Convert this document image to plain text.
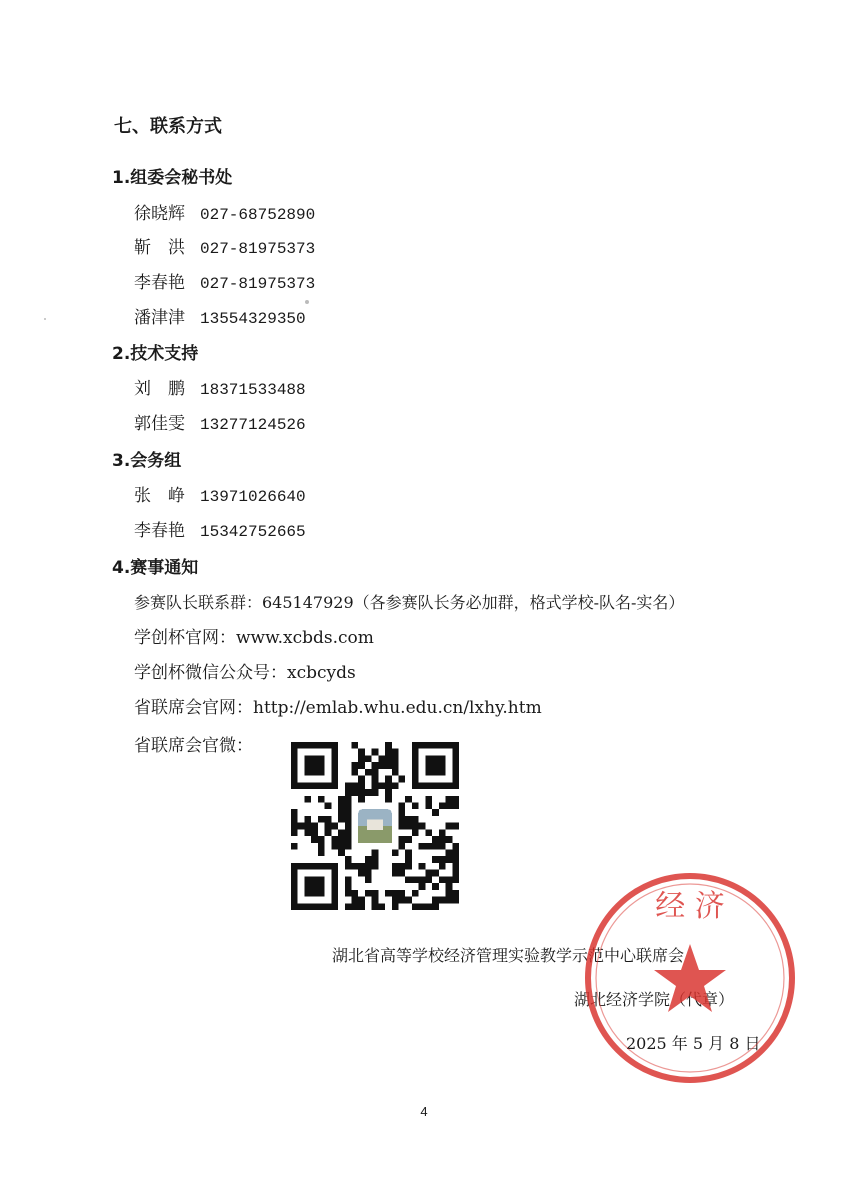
七、联系方式
1.组委会秘书处
徐晓辉 027-68752890
靳　洪 027-81975373
李春艳 027-81975373
潘津津 13554329350
2.技术支持
刘　鹏 18371533488
郭佳雯 13277124526
3.会务组
张　峥 13971026640
李春艳 15342752665
4.赛事通知
参赛队长联系群：645147929（各参赛队长务必加群，格式学校-队名-实名）
学创杯官网：www.xcbds.com
学创杯微信公众号：xcbcyds
省联席会官网：http://emlab.whu.edu.cn/lxhy.htm
省联席会官微：
湖北省高等学校经济管理实验教学示范中心联席会
湖北经济学院（代章）
2025 年 5 月 8 日
经 济
4
